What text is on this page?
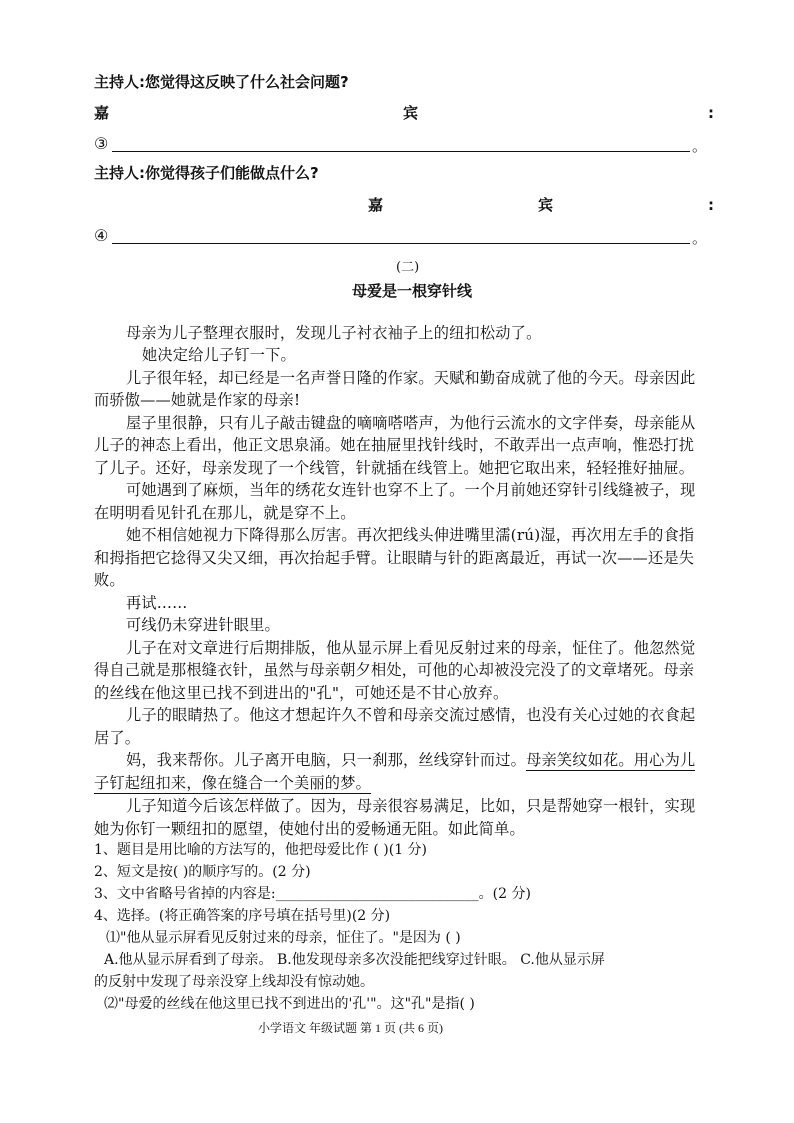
主持人:您觉得这反映了什么社会问题?
嘉	宾	:
③	。
主持人:你觉得孩子们能做点什么?
嘉	宾	:
④	。
(二)
母爱是一根穿针线
母亲为儿子整理衣服时，发现儿子衬衣袖子上的纽扣松动了。
她决定给儿子钉一下。
儿子很年轻，却已经是一名声誉日隆的作家。天赋和勤奋成就了他的今天。母亲因此
而骄傲——她就是作家的母亲!
屋子里很静，只有儿子敲击键盘的嘀嘀嗒嗒声，为他行云流水的文字伴奏，母亲能从
儿子的神态上看出，他正文思泉涌。她在抽屉里找针线时，不敢弄出一点声响，惟恐打扰
了儿子。还好，母亲发现了一个线管，针就插在线管上。她把它取出来，轻轻推好抽屉。
可她遇到了麻烦，当年的绣花女连针也穿不上了。一个月前她还穿针引线缝被子，现
在明明看见针孔在那儿，就是穿不上。
她不相信她视力下降得那么厉害。再次把线头伸进嘴里濡(rú)湿，再次用左手的食指
和拇指把它捻得又尖又细，再次抬起手臂。让眼睛与针的距离最近，再试一次——还是失
败。
再试……
可线仍未穿进针眼里。
儿子在对文章进行后期排版，他从显示屏上看见反射过来的母亲，怔住了。他忽然觉
得自己就是那根缝衣针，虽然与母亲朝夕相处，可他的心却被没完没了的文章堵死。母亲
的丝线在他这里已找不到进出的"孔"，可她还是不甘心放弃。
儿子的眼睛热了。他这才想起许久不曾和母亲交流过感情，也没有关心过她的衣食起
居了。
妈，我来帮你。儿子离开电脑，只一刹那，丝线穿针而过。母亲笑纹如花。用心为儿
子钉起纽扣来，像在缝合一个美丽的梦。
儿子知道今后该怎样做了。因为，母亲很容易满足，比如，只是帮她穿一根针，实现
她为你钉一颗纽扣的愿望，使她付出的爱畅通无阻。如此简单。
1、题目是用比喻的方法写的，他把母爱比作 ( )(1 分)
2、短文是按( )的顺序写的。(2 分)
3、文中省略号省掉的内容是:_____________________________。(2 分)
4、选择。(将正确答案的序号填在括号里)(2 分)
⑴"他从显示屏看见反射过来的母亲，怔住了。"是因为 ( )
A.他从显示屏看到了母亲。 B.他发现母亲多次没能把线穿过针眼。 C.他从显示屏
的反射中发现了母亲没穿上线却没有惊动她。
⑵"母爱的丝线在他这里已找不到进出的'孔'"。这"孔"是指( )
小学语文 年级试题 第 1 页 (共 6 页)
